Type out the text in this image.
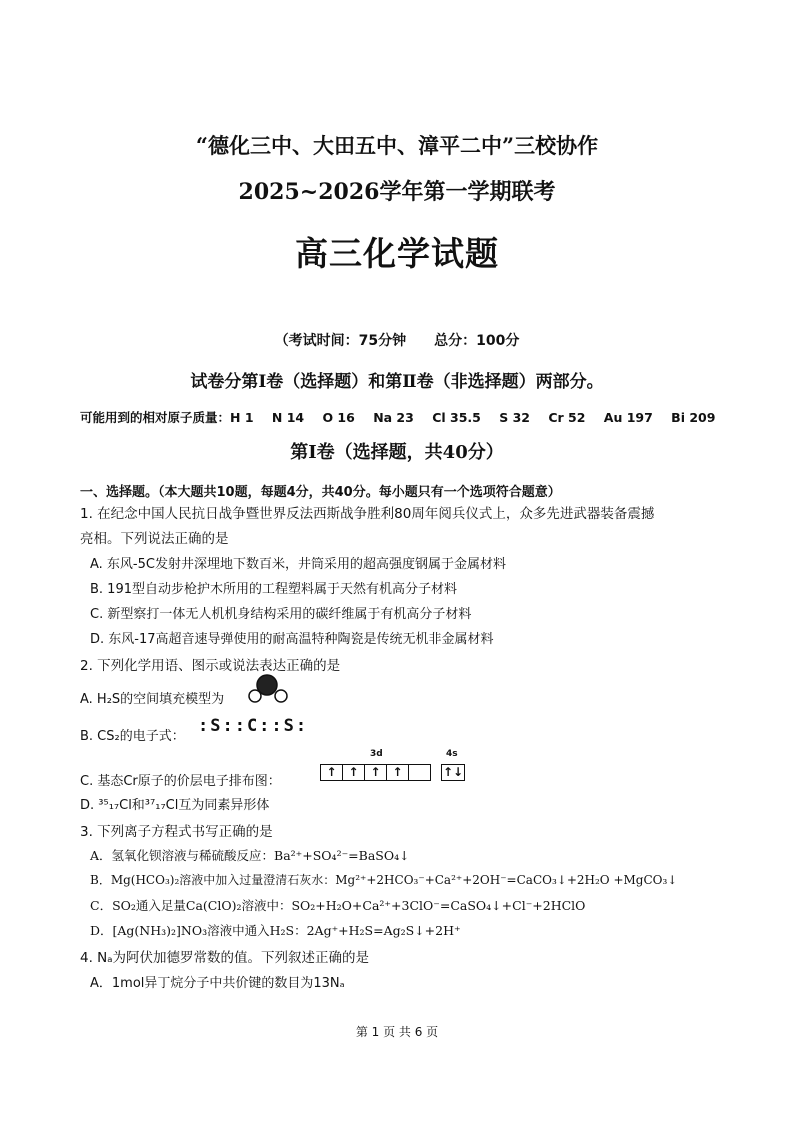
“德化三中、大田五中、漳平二中”三校协作
2025~2026学年第一学期联考
高三化学试题
（考试时间：75分钟　　总分：100分
试卷分第Ⅰ卷（选择题）和第Ⅱ卷（非选择题）两部分。
可能用到的相对原子质量：H 1 N 14 O 16 Na 23 Cl 35.5 S 32 Cr 52 Au 197 Bi 209
第Ⅰ卷（选择题，共40分）
一、选择题。（本大题共10题，每题4分，共40分。每小题只有一个选项符合题意）
1. 在纪念中国人民抗日战争暨世界反法西斯战争胜利80周年阅兵仪式上，众多先进武器装备震撼
亮相。下列说法正确的是
A. 东风-5C发射井深埋地下数百米，井筒采用的超高强度钢属于金属材料
B. 191型自动步枪护木所用的工程塑料属于天然有机高分子材料
C. 新型察打一体无人机机身结构采用的碳纤维属于有机高分子材料
D. 东风-17高超音速导弹使用的耐高温特种陶瓷是传统无机非金属材料
2. 下列化学用语、图示或说法表达正确的是
A. H₂S的空间填充模型为
B. CS₂的电子式：
:S::C::S:
C. 基态Cr原子的价层电子排布图：
3d	4s
↑ ↑ ↑ ↑	↑↓
D. ³⁵₁₇Cl和³⁷₁₇Cl互为同素异形体
3. 下列离子方程式书写正确的是
A．氢氧化钡溶液与稀硫酸反应：Ba²⁺+SO₄²⁻=BaSO₄↓
B．Mg(HCO₃)₂溶液中加入过量澄清石灰水：Mg²⁺+2HCO₃⁻+Ca²⁺+2OH⁻=CaCO₃↓+2H₂O +MgCO₃↓
C．SO₂通入足量Ca(ClO)₂溶液中：SO₂+H₂O+Ca²⁺+3ClO⁻=CaSO₄↓+Cl⁻+2HClO
D．[Ag(NH₃)₂]NO₃溶液中通入H₂S：2Ag⁺+H₂S=Ag₂S↓+2H⁺
4. Nₐ为阿伏加德罗常数的值。下列叙述正确的是
A．1mol异丁烷分子中共价键的数目为13Nₐ
第 1 页 共 6 页
